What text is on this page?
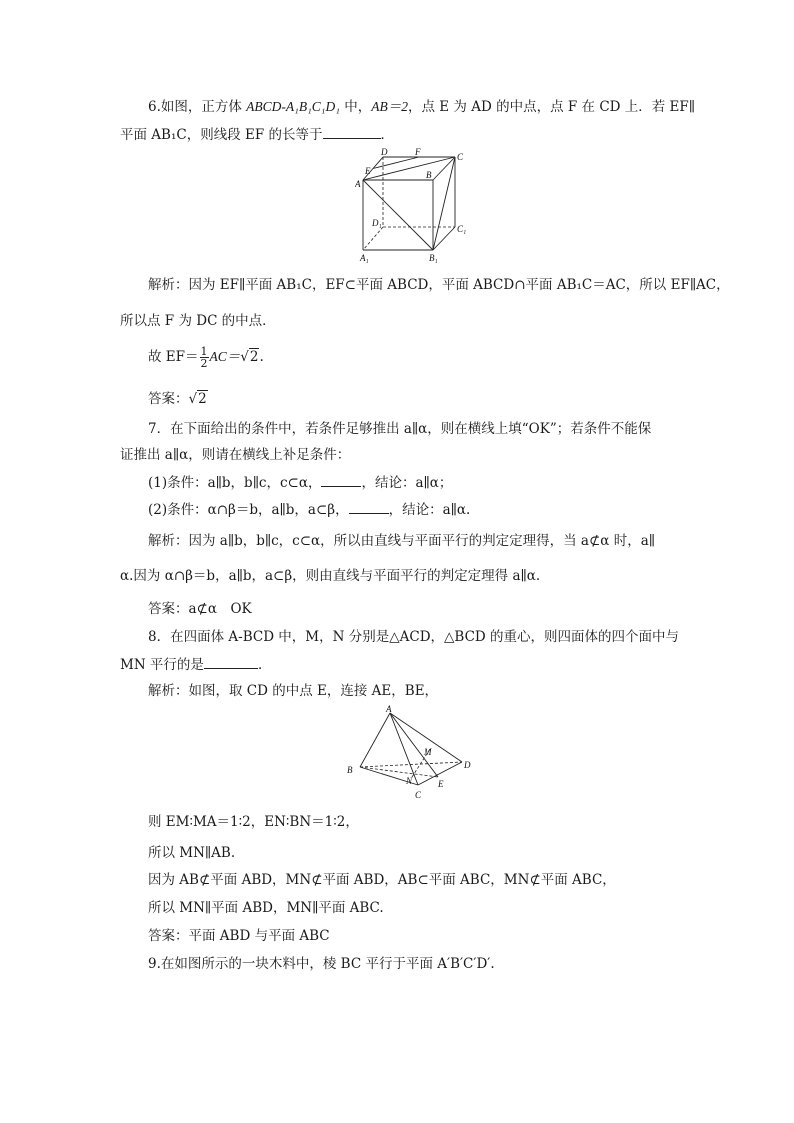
6.如图，正方体 ABCD-A₁B₁C₁D₁ 中，AB＝2，点 E 为 AD 的中点，点 F 在 CD 上．若 EF∥
平面 AB₁C，则线段 EF 的长等于	．
D	F	C
E
A
B
D₁
C₁
A₁	B₁
解析：因为 EF∥平面 AB₁C，EF⊂平面 ABCD，平面 ABCD∩平面 AB₁C＝AC，所以 EF∥AC，
所以点 F 为 DC 的中点．
故 $EF= \frac{1}{2} AC=√2$.
答案：√2
7．在下面给出的条件中，若条件足够推出 a∥α，则在横线上填“OK”；若条件不能保
证推出 a∥α，则请在横线上补足条件：
(1)条件：a∥b，b∥c，c⊂α，	，结论：a∥α；
(2)条件：α∩β＝b，a∥b，a⊂β，	，结论：a∥α.
解析：因为 a∥b，b∥c，c⊂α，所以由直线与平面平行的判定定理得，当 a⊄α 时，a∥
α.因为 α∩β＝b，a∥b，a⊂β，则由直线与平面平行的判定定理得 a∥α.
答案：a⊄α　OK
8．在四面体 A-BCD 中，M，N 分别是△ACD，△BCD 的重心，则四面体的四个面中与
MN 平行的是	．
解析：如图，取 CD 的中点 E，连接 AE，BE，
A
M
B
N
D
C
E
则 EM∶MA＝1∶2，EN∶BN＝1∶2，
所以 MN∥AB.
因为 AB⊄平面 ABD，MN⊄平面 ABD，AB⊂平面 ABC，MN⊄平面 ABC，
所以 MN∥平面 ABD，MN∥平面 ABC.
答案：平面 ABD 与平面 ABC
9.在如图所示的一块木料中，棱 BC 平行于平面 A′B′C′D′.
